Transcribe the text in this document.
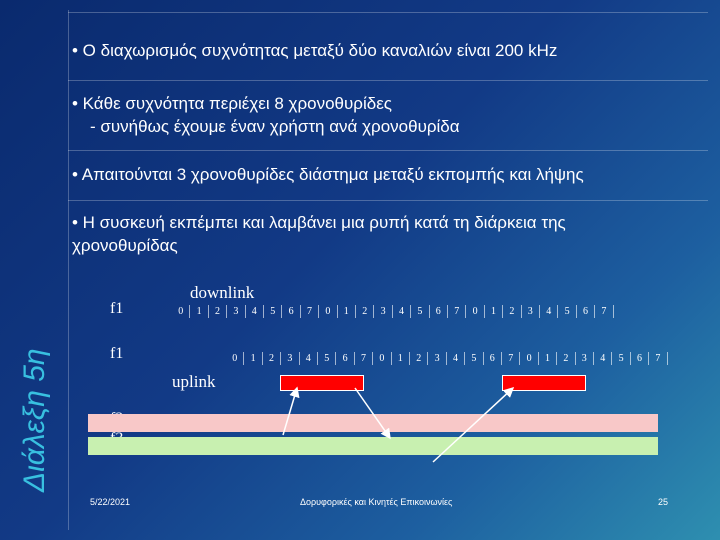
Διάλεξη 5η
• Ο διαχωρισμός συχνότητας μεταξύ δύο καναλιών είναι 200 kHz
• Κάθε συχνότητα περιέχει 8 χρονοθυρίδες
- συνήθως έχουμε έναν χρήστη ανά χρονοθυρίδα
• Απαιτούνται 3 χρονοθυρίδες διάστημα μεταξύ εκπομπής και λήψης
• Η συσκευή εκπέμπει και λαμβάνει μια ρυπή κατά τη διάρκεια της
χρονοθυρίδας
f1
f1
downlink
uplink
0	1	2	3	4	5	6	7	0	1	2	3	4	5	6	7	0	1	2	3	4	5	6	7
0	1	2	3	4	5	6	7	0	1	2	3	4	5	6	7	0	1	2	3	4	5	6	7
5/22/2021	Δορυφορικές και Κινητές Επικοινωνίες	25
